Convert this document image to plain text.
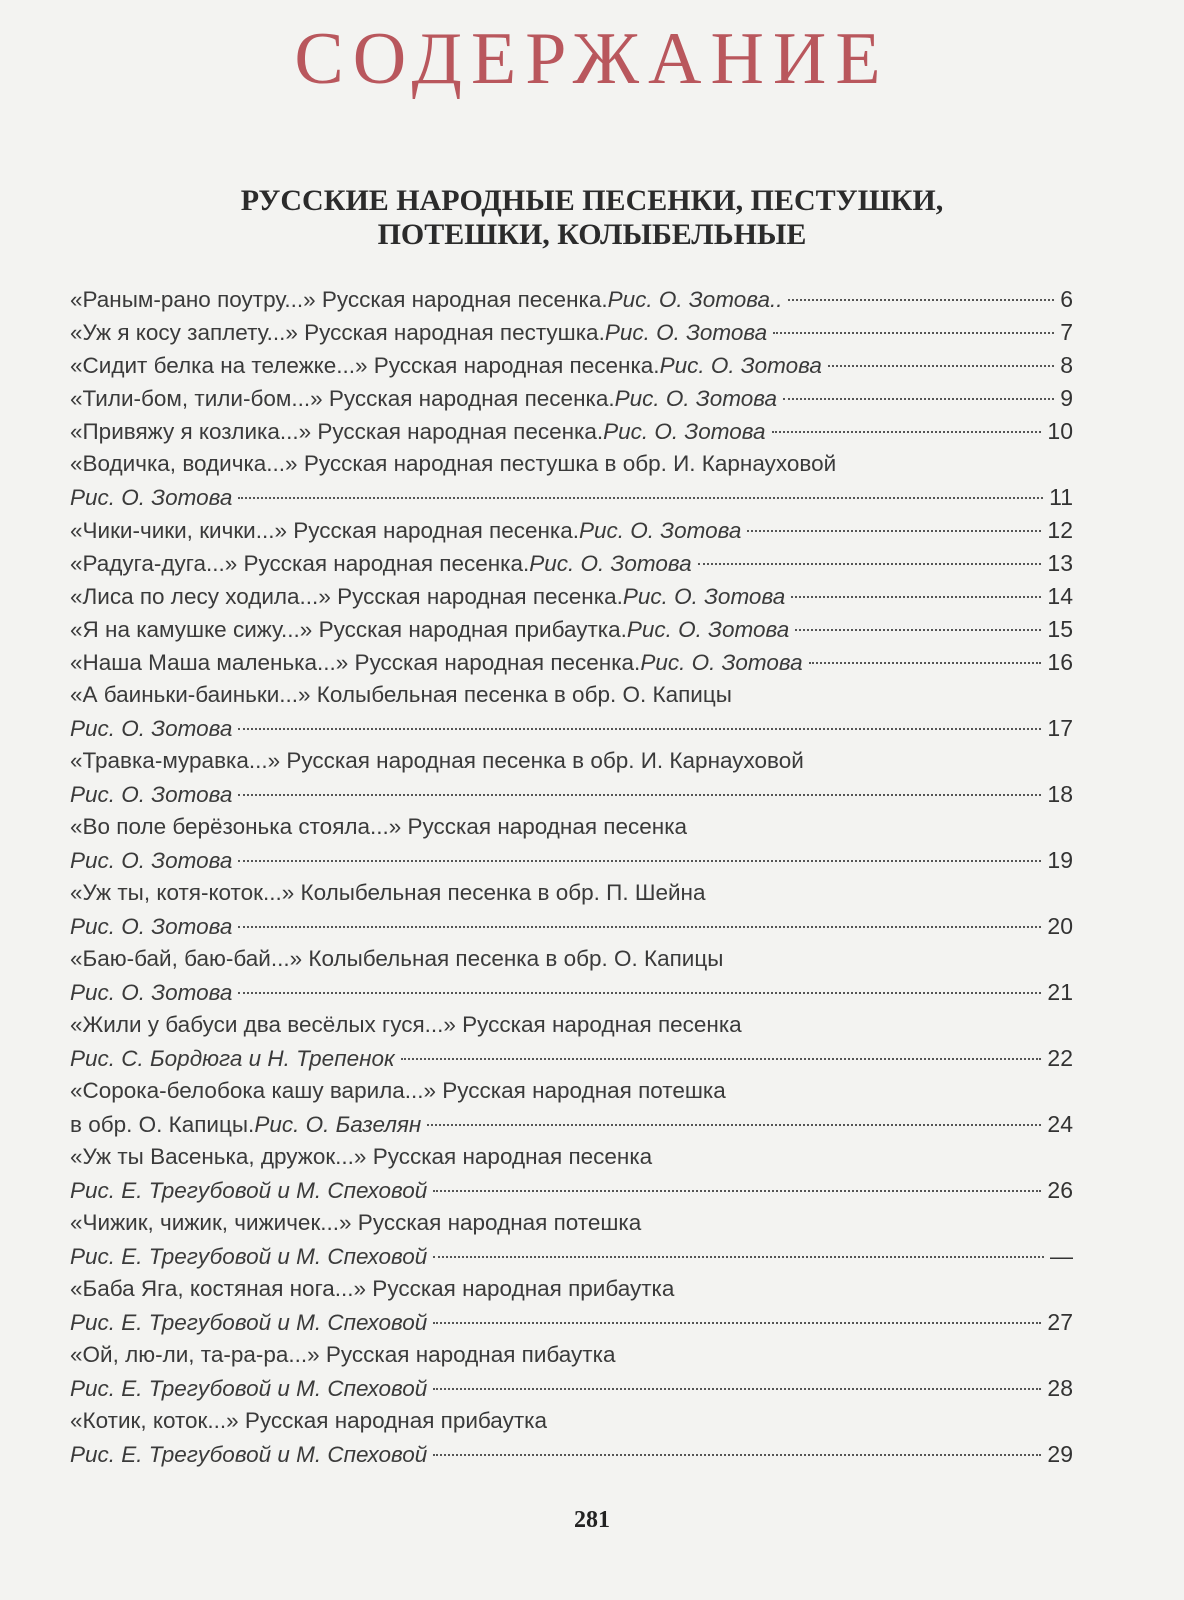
СОДЕРЖАНИЕ
РУССКИЕ НАРОДНЫЕ ПЕСЕНКИ, ПЕСТУШКИ,
ПОТЕШКИ, КОЛЫБЕЛЬНЫЕ
«Раным-рано поутру...» Русская народная песенка. Рис. О. Зотова..	6
«Уж я косу заплету...» Русская народная пестушка. Рис. О. Зотова	7
«Сидит белка на тележке...» Русская народная песенка. Рис. О. Зотова	8
«Тили-бом, тили-бом...» Русская народная песенка. Рис. О. Зотова	9
«Привяжу я козлика...» Русская народная песенка. Рис. О. Зотова	10
«Водичка, водичка...» Русская народная пестушка в обр. И. Карнауховой
Рис. О. Зотова	11
«Чики-чики, кички...» Русская народная песенка. Рис. О. Зотова	12
«Радуга-дуга...» Русская народная песенка. Рис. О. Зотова	13
«Лиса по лесу ходила...» Русская народная песенка. Рис. О. Зотова	14
«Я на камушке сижу...» Русская народная прибаутка. Рис. О. Зотова	15
«Наша Маша маленька...» Русская народная песенка. Рис. О. Зотова	16
«А баиньки-баиньки...» Колыбельная песенка в обр. О. Капицы
Рис. О. Зотова	17
«Травка-муравка...» Русская народная песенка в обр. И. Карнауховой
Рис. О. Зотова	18
«Во поле берёзонька стояла...» Русская народная песенка
Рис. О. Зотова	19
«Уж ты, котя-коток...» Колыбельная песенка в обр. П. Шейна
Рис. О. Зотова	20
«Баю-бай, баю-бай...» Колыбельная песенка в обр. О. Капицы
Рис. О. Зотова	21
«Жили у бабуси два весёлых гуся...» Русская народная песенка
Рис. С. Бордюга и Н. Трепенок	22
«Сорока-белобока кашу варила...» Русская народная потешка
в обр. О. Капицы. Рис. О. Базелян	24
«Уж ты Васенька, дружок...» Русская народная песенка
Рис. Е. Трегубовой и М. Спеховой	26
«Чижик, чижик, чижичек...» Русская народная потешка
Рис. Е. Трегубовой и М. Спеховой	—
«Баба Яга, костяная нога...» Русская народная прибаутка
Рис. Е. Трегубовой и М. Спеховой	27
«Ой, лю-ли, та-ра-ра...» Русская народная пибаутка
Рис. Е. Трегубовой и М. Спеховой	28
«Котик, коток...» Русская народная прибаутка
Рис. Е. Трегубовой и М. Спеховой	29
281
